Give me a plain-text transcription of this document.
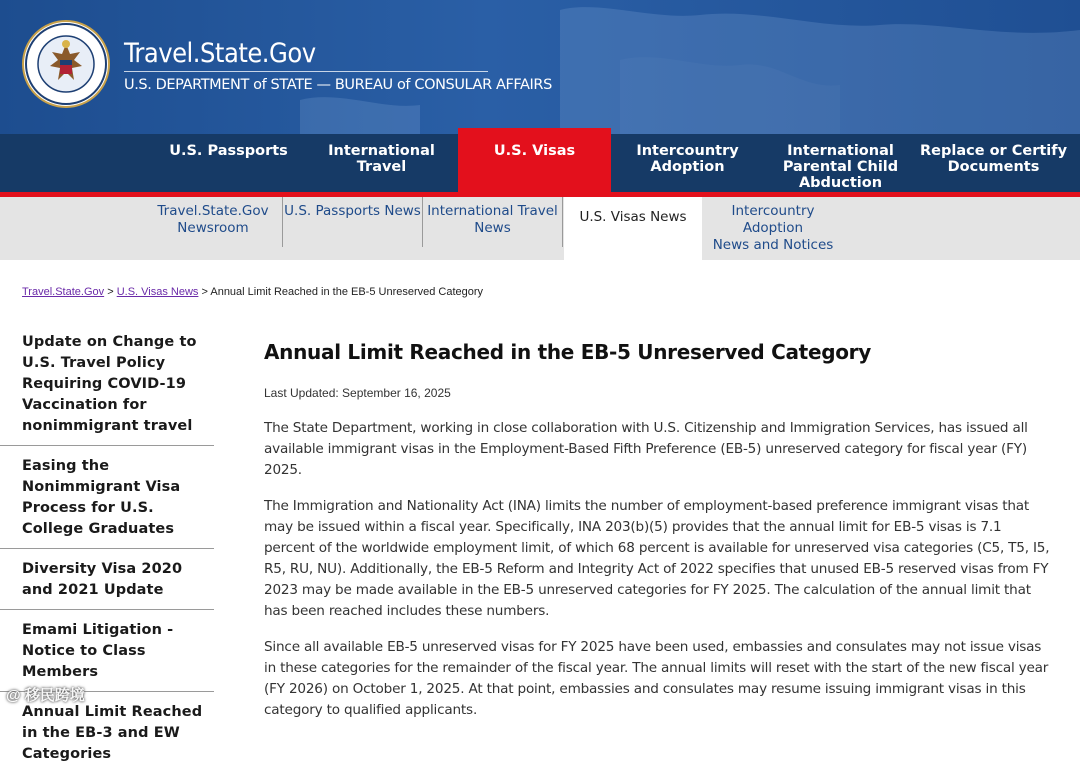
Travel.State.Gov
U.S. DEPARTMENT of STATE — BUREAU of CONSULAR AFFAIRS
U.S. Passports	International
Travel
U.S. Visas	Intercountry
Adoption
International
Parental Child
Abduction
Replace or Certify
Documents
Travel.State.Gov
Newsroom
U.S. Passports News International Travel
News
U.S. Visas News	Intercountry Adoption
News and Notices
Travel.State.Gov > U.S. Visas News > Annual Limit Reached in the EB-5 Unreserved Category
Update on Change to U.S. Travel Policy Requiring COVID-19 Vaccination for nonimmigrant travel
Easing the Nonimmigrant Visa Process for U.S. College Graduates
Diversity Visa 2020 and 2021 Update
Emami Litigation - Notice to Class Members
Annual Limit Reached in the EB-3 and EW Categories
Annual Limit Reached in the EB-5 Unreserved Category
Last Updated: September 16, 2025

The State Department, working in close collaboration with U.S. Citizenship and Immigration Services, has issued all available immigrant visas in the Employment-Based Fifth Preference (EB-5) unreserved category for fiscal year (FY) 2025.

The Immigration and Nationality Act (INA) limits the number of employment-based preference immigrant visas that may be issued within a fiscal year. Specifically, INA 203(b)(5) provides that the annual limit for EB-5 visas is 7.1 percent of the worldwide employment limit, of which 68 percent is available for unreserved visa categories (C5, T5, I5, R5, RU, NU). Additionally, the EB-5 Reform and Integrity Act of 2022 specifies that unused EB-5 reserved visas from FY 2023 may be made available in the EB-5 unreserved categories for FY 2025. The calculation of the annual limit that has been reached includes these numbers.

Since all available EB-5 unreserved visas for FY 2025 have been used, embassies and consulates may not issue visas in these categories for the remainder of the fiscal year. The annual limits will reset with the start of the new fiscal year (FY 2026) on October 1, 2025. At that point, embassies and consulates may resume issuing immigrant visas in this category to qualified applicants.

@ 移民跨境
